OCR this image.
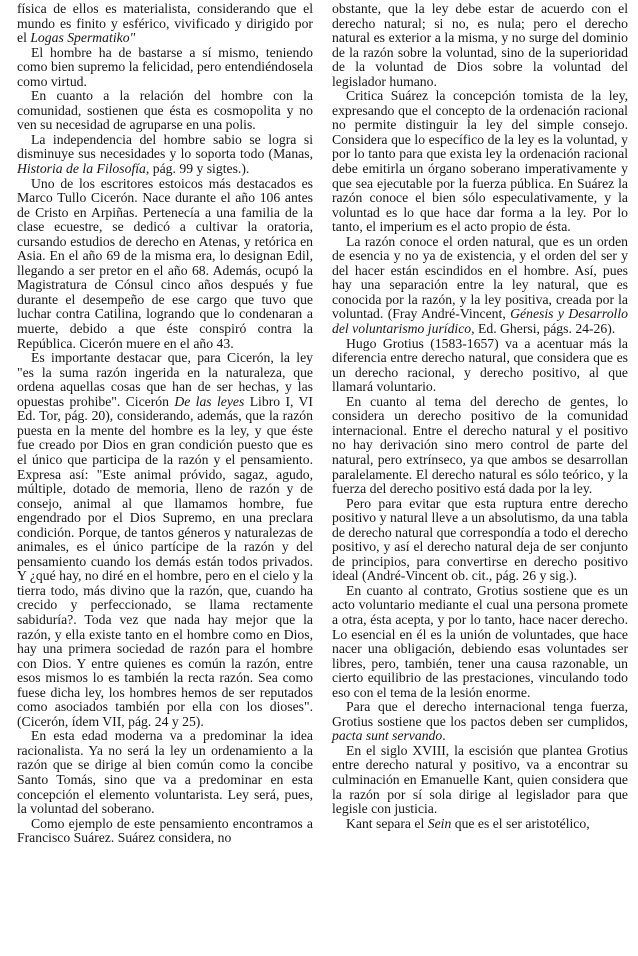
física de ellos es materialista, considerando que el mundo es finito y esférico, vivificado y dirigido por el Logas Spermatiko"

El hombre ha de bastarse a sí mismo, teniendo como bien supremo la felicidad, pero entendiéndosela como virtud.

En cuanto a la relación del hombre con la comunidad, sostienen que ésta es cosmopolita y no ven su necesidad de agruparse en una polis.

La independencia del hombre sabio se logra si disminuye sus necesidades y lo soporta todo (Manas, Historia de la Filosofía, pág. 99 y sigtes.).

Uno de los escritores estoicos más destacados es Marco Tullo Cicerón. Nace durante el año 106 antes de Cristo en Arpiñas. Pertenecía a una familia de la clase ecuestre, se dedicó a cultivar la oratoria, cursando estudios de derecho en Atenas, y retórica en Asia. En el año 69 de la misma era, lo designan Edil, llegando a ser pretor en el año 68. Además, ocupó la Magistratura de Cónsul cinco años después y fue durante el desempeño de ese cargo que tuvo que luchar contra Catilina, logrando que lo condenaran a muerte, debido a que éste conspiró contra la República. Cicerón muere en el año 43.

Es importante destacar que, para Cicerón, la ley "es la suma razón ingerida en la naturaleza, que ordena aquellas cosas que han de ser hechas, y las opuestas prohibe". Cicerón De las leyes Libro I, VI Ed. Tor, pág. 20), considerando, además, que la razón puesta en la mente del hombre es la ley, y que éste fue creado por Dios en gran condición puesto que es el único que participa de la razón y el pensamiento. Expresa así: "Este animal próvido, sagaz, agudo, múltiple, dotado de memoria, lleno de razón y de consejo, animal al que llamamos hombre, fue engendrado por el Dios Supremo, en una preclara condición. Porque, de tantos géneros y naturalezas de animales, es el único partícipe de la razón y del pensamiento cuando los demás están todos privados. Y ¿qué hay, no diré en el hombre, pero en el cielo y la tierra todo, más divino que la razón, que, cuando ha crecido y perfeccionado, se llama rectamente sabiduría?. Toda vez que nada hay mejor que la razón, y ella existe tanto en el hombre como en Dios, hay una primera sociedad de razón para el hombre con Dios. Y entre quienes es común la razón, entre esos mismos lo es también la recta razón. Sea como fuese dicha ley, los hombres hemos de ser reputados como asociados también por ella con los dioses". (Cicerón, ídem VII, pág. 24 y 25).

En esta edad moderna va a predominar la idea racionalista. Ya no será la ley un ordenamiento a la razón que se dirige al bien común como la concibe Santo Tomás, sino que va a predominar en esta concepción el elemento voluntarista. Ley será, pues, la voluntad del soberano.

Como ejemplo de este pensamiento encontramos a Francisco Suárez. Suárez considera, no

obstante, que la ley debe estar de acuerdo con el derecho natural; si no, es nula; pero el derecho natural es exterior a la misma, y no surge del dominio de la razón sobre la voluntad, sino de la superioridad de la voluntad de Dios sobre la voluntad del legislador humano.

Critica Suárez la concepción tomista de la ley, expresando que el concepto de la ordenación racional no permite distinguir la ley del simple consejo. Considera que lo específico de la ley es la voluntad, y por lo tanto para que exista ley la ordenación racional debe emitirla un órgano soberano imperativamente y que sea ejecutable por la fuerza pública. En Suárez la razón conoce el bien sólo especulativamente, y la voluntad es lo que hace dar forma a la ley. Por lo tanto, el imperium es el acto propio de ésta.

La razón conoce el orden natural, que es un orden de esencia y no ya de existencia, y el orden del ser y del hacer están escindidos en el hombre. Así, pues hay una separación entre la ley natural, que es conocida por la razón, y la ley positiva, creada por la voluntad. (Fray André-Vincent, Génesis y Desarrollo del voluntarismo jurídico, Ed. Ghersi, págs. 24-26).

Hugo Grotius (1583-1657) va a acentuar más la diferencia entre derecho natural, que considera que es un derecho racional, y derecho positivo, al que llamará voluntario.

En cuanto al tema del derecho de gentes, lo considera un derecho positivo de la comunidad internacional. Entre el derecho natural y el positivo no hay derivación sino mero control de parte del natural, pero extrínseco, ya que ambos se desarrollan paralelamente. El derecho natural es sólo teórico, y la fuerza del derecho positivo está dada por la ley.

Pero para evitar que esta ruptura entre derecho positivo y natural lleve a un absolutismo, da una tabla de derecho natural que correspondía a todo el derecho positivo, y así el derecho natural deja de ser conjunto de principios, para convertirse en derecho positivo ideal (André-Vincent ob. cit., pág. 26 y sig.).

En cuanto al contrato, Grotius sostiene que es un acto voluntario mediante el cual una persona promete a otra, ésta acepta, y por lo tanto, hace nacer derecho. Lo esencial en él es la unión de voluntades, que hace nacer una obligación, debiendo esas voluntades ser libres, pero, también, tener una causa razonable, un cierto equilibrio de las prestaciones, vinculando todo eso con el tema de la lesión enorme.

Para que el derecho internacional tenga fuerza, Grotius sostiene que los pactos deben ser cumplidos, pacta sunt servando.

En el siglo XVIII, la escisión que plantea Grotius entre derecho natural y positivo, va a encontrar su culminación en Emanuelle Kant, quien considera que la razón por sí sola dirige al legislador para que legisle con justicia.

Kant separa el Sein que es el ser aristotélico,
